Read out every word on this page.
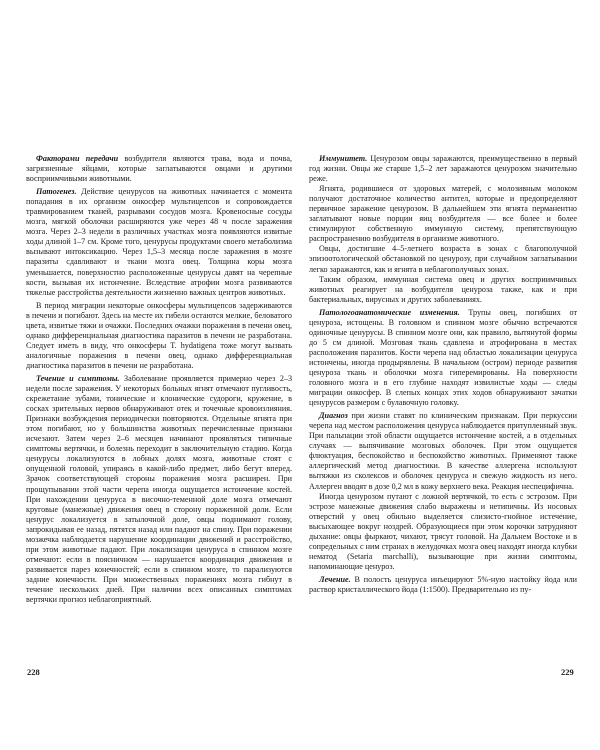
Факторами передачи возбудителя являются трава, вода и почва, загрязненные яйцами, которые заглатываются овцами и другими восприимчивыми животными.

Патогенез. Действие ценурусов на животных начинается с момента попадания в их организм онкосфер мультицепсов и сопровождается травмированием тканей, разрывами сосудов мозга. Кровеносные сосуды мозга, мягкой оболочки расширяются уже через 48 ч после заражения мозга. Через 2–3 недели в различных участках мозга появляются извитые ходы длиной 1–7 см. Кроме того, ценурусы продуктами своего метаболизма вызывают интоксикацию. Через 1,5–3 месяца после заражения в мозге паразиты сдавливают и ткани мозга овец. Толщина коры мозга уменьшается, поверхностно расположенные ценурусы давят на черепные кости, вызывая их истончение. Вследствие атрофии мозга развиваются тяжелые расстройства деятельности жизненно важных центров животных.

В период миграции некоторые онкосферы мультицепсов задерживаются в печени и погибают. Здесь на месте их гибели остаются мелкие, беловатого цвета, извитые тяжи и очажки. Последних очажки поражения в печени овец, однако дифференциальная диагностика паразитов в печени не разработана. Следует иметь в виду, что онкосферы T. hydatigena тоже могут вызвать аналогичные поражения в печени овец, однако дифференциальная диагностика паразитов в печени не разработана.

Течение и симптомы. Заболевание проявляется примерно через 2–3 недели после заражения. У некоторых больных ягнят отмечают пугливость, скрежетание зубами, тонические и клонические судороги, кружение, в сосках зрительных нервов обнаруживают отек и точечные кровоизлияния. Признаки возбуждения периодически повторяются. Отдельные ягнята при этом погибают, но у большинства животных перечисленные признаки исчезают. Затем через 2–6 месяцев начинают проявляться типичные симптомы вертячки, и болезнь переходит в заключительную стадию. Когда ценурусы локализуются в лобных долях мозга, животные стоят с опущенной головой, упираясь в какой-либо предмет, либо бегут вперед. Зрачок соответствующей стороны поражения мозга расширен. При прощупывании этой части черепа иногда ощущается истончение костей. При нахождении ценуруса в височно-теменной доле мозга отмечают круговые (манежные) движения овец в сторону пораженной доли. Если ценурус локализуется в затылочной доле, овцы поднимают голову, запрокидывая ее назад, пятятся назад или падают на спину. При поражении мозжечка наблюдается нарушение координации движений и расстройство, при этом животные падают. При локализации ценуруса в спинном мозге отмечают: если в поясничном — нарушается координация движения и развивается парез конечностей; если в спинном мозге, то парализуются задние конечности. При множественных поражениях мозга гибнут в течение нескольких дней. При наличии всех описанных симптомах вертячки прогноз неблагоприятный.

Иммунитет. Ценурозом овцы заражаются, преимущественно в первый год жизни. Овцы же старше 1,5–2 лет заражаются ценурозом значительно реже.

Ягнята, родившиеся от здоровых матерей, с молозивным молоком получают достаточное количество антител, которые и предопределяют первичное заражение ценурозом. В дальнейшем эти ягнята перманентно заглатывают новые порции яиц возбудителя — все более и более стимулируют собственную иммунную систему, препятствующую распространению возбудителя в организме животного.

Овцы, достигшие 4–5-летнего возраста в зонах с благополучной эпизоотологической обстановкой по ценурозу, при случайном заглатывании легко заражаются, как и ягнята в неблагополучных зонах.

Таким образом, иммунная система овец и других восприимчивых животных реагирует на возбудителя ценуроза также, как и при бактериальных, вирусных и других заболеваниях.

Патологоанатомические изменения. Трупы овец, погибших от ценуроза, истощены. В головном и спинном мозге обычно встречаются одиночные ценурусы. В спинном мозге они, как правило, вытянутой формы до 5 см длиной. Мозговая ткань сдавлена и атрофирована в местах расположения паразитов. Кости черепа над областью локализации ценуруса истончены, иногда продырявлены. В начальном (остром) периоде развития ценуроза ткань и оболочки мозга гиперемированы. На поверхности головного мозга и в его глубине находят извилистые ходы — следы миграции онкосфер. В слепых концах этих ходов обнаруживают зачатки ценурусов размером с булавочную головку.

Диагноз при жизни ставят по клиническим признакам. При перкуссии черепа над местом расположения ценуруса наблюдается притупленный звук. При пальпации этой области ощущается истончение костей, а в отдельных случаях — выпячивание мозговых оболочек. При этом ощущается флюктуация, беспокойство и беспокойство животных. Применяют также аллергический метод диагностики. В качестве аллергена используют вытяжки из сколексов и оболочек ценуруса и свежую жидкость из него. Аллерген вводят в дозе 0,2 мл в кожу верхнего века. Реакция неспецифична.

Иногда ценурозом путают с ложной вертячкой, то есть с эстрозом. При эстрозе манежные движения слабо выражены и нетипичны. Из носовых отверстий у овец обильно выделяется слизисто-гнойное истечение, высыхающее вокруг ноздрей. Образующиеся при этом корочки затрудняют дыхание: овцы фыркают, чихают, трясут головой. На Дальнем Востоке и в сопредельных с ним странах в желудочках мозга овец находят иногда клубки нематод (Setaria marchalli), вызывающие при жизни симптомы, напоминающие ценуроз.

Лечение. В полость ценуруса инъецируют 5%-ную настойку йода или раствор кристаллического йода (1:1500). Предварительно из пу-

228	229
